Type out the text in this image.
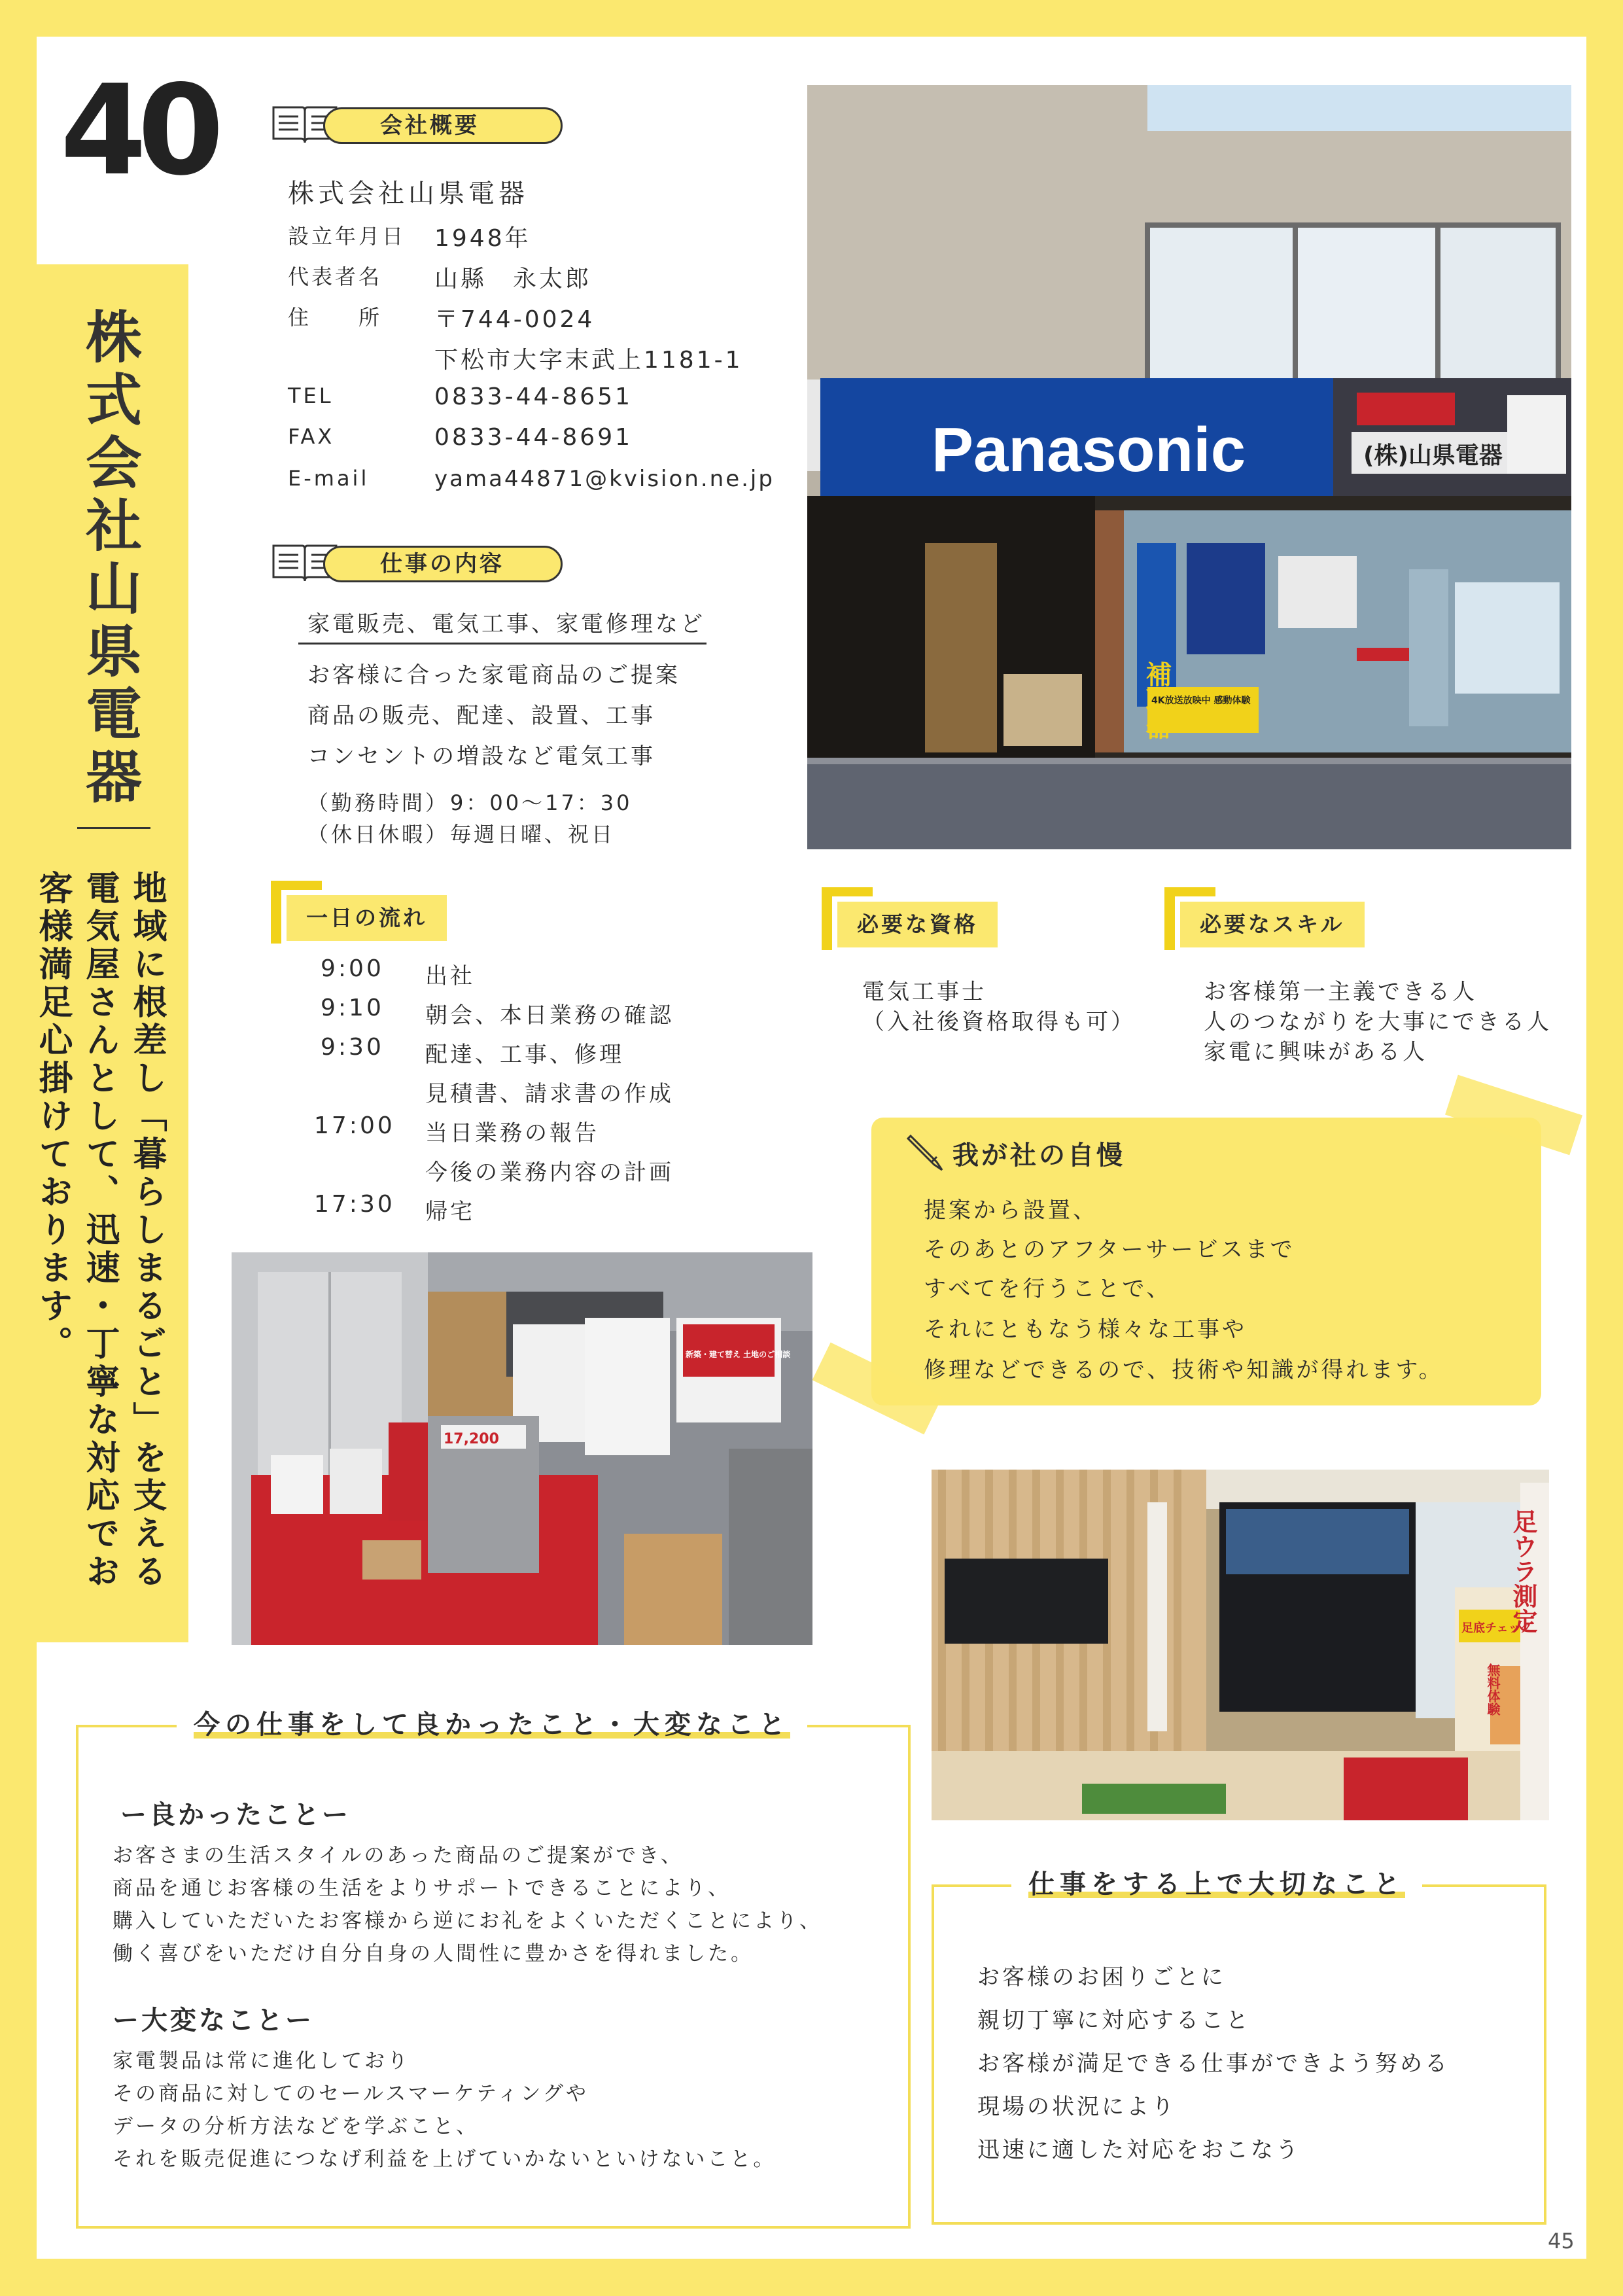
40
株式会社山県電器
地域に根差し「暮らしまるごと」を支える電気屋さんとして、迅速・丁寧な対応でお客様満足心掛けております。
会社概要
株式会社山県電器
設立年月日 1948年
代表者名 山縣　永太郎
住　　所 〒744-0024
下松市大字末武上1181-1
TEL	0833-44-8651
FAX	0833-44-8691
E-mail	yama44871@kvision.ne.jp
仕事の内容
家電販売、電気工事、家電修理など
お客様に合った家電商品のご提案
商品の販売、配達、設置、工事
コンセントの増設など電気工事
（勤務時間） 9：00～17：30
（休日休暇） 毎週日曜、祝日
Panasonic	(株)山県電器
補聴器
4K放送放映中 感動体験
一日の流れ
9:00 出社
9:10 朝会、本日業務の確認
9:30 配達、工事、修理
見積書、請求書の作成
17:00 当日業務の報告
今後の業務内容の計画
17:30 帰宅
必要な資格
電気工事士
（入社後資格取得も可）
必要なスキル
お客様第一主義できる人
人のつながりを大事にできる人
家電に興味がある人
我が社の自慢
提案から設置、
そのあとのアフターサービスまで
すべてを行うことで、
それにともなう様々な工事や
修理などできるので、技術や知識が得れます。
17,200
新築・建て替え 土地のご相談
足ウラ測定
無料体験
足底チェック
今の仕事をして良かったこと・大変なこと
ー良かったことー
お客さまの生活スタイルのあった商品のご提案ができ、
商品を通じお客様の生活をよりサポートできることにより、
購入していただいたお客様から逆にお礼をよくいただくことにより、
働く喜びをいただけ自分自身の人間性に豊かさを得れました。
ー大変なことー
家電製品は常に進化しており
その商品に対してのセールスマーケティングや
データの分析方法などを学ぶこと、
それを販売促進につなげ利益を上げていかないといけないこと。
仕事をする上で大切なこと
お客様のお困りごとに
親切丁寧に対応すること
お客様が満足できる仕事ができよう努める
現場の状況により
迅速に適した対応をおこなう
45
